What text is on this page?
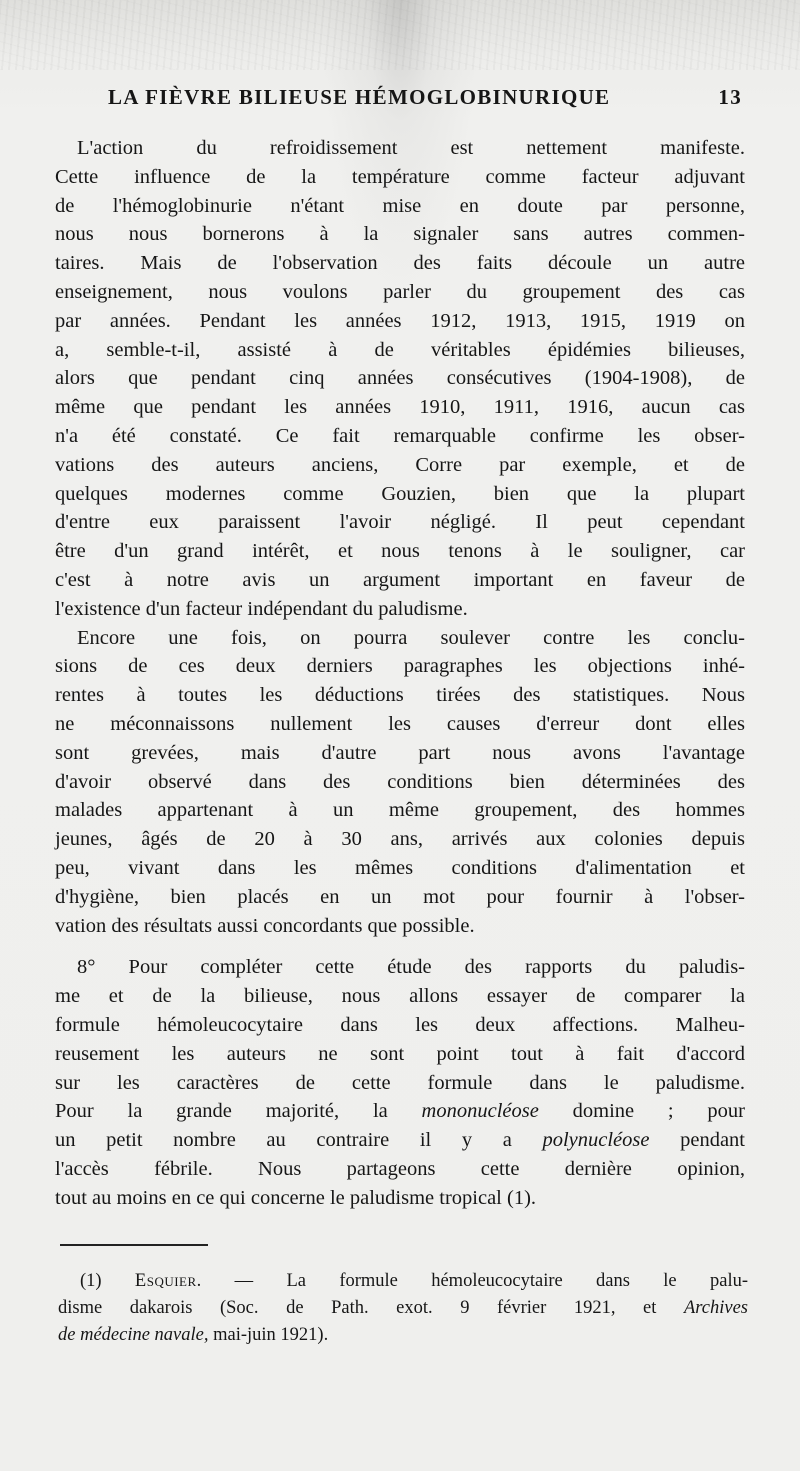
LA FIÈVRE BILIEUSE HÉMOGLOBINURIQUE	13
L'action du refroidissement est nettement manifeste.
Cette influence de la température comme facteur adjuvant
de l'hémoglobinurie n'étant mise en doute par personne,
nous nous bornerons à la signaler sans autres commen-
taires. Mais de l'observation des faits découle un autre
enseignement, nous voulons parler du groupement des cas
par années. Pendant les années 1912, 1913, 1915, 1919 on
a, semble-t-il, assisté à de véritables épidémies bilieuses,
alors que pendant cinq années consécutives (1904-1908), de
même que pendant les années 1910, 1911, 1916, aucun cas
n'a été constaté. Ce fait remarquable confirme les obser-
vations des auteurs anciens, Corre par exemple, et de
quelques modernes comme Gouzien, bien que la plupart
d'entre eux paraissent l'avoir négligé. Il peut cependant
être d'un grand intérêt, et nous tenons à le souligner, car
c'est à notre avis un argument important en faveur de
l'existence d'un facteur indépendant du paludisme.
Encore une fois, on pourra soulever contre les conclu-
sions de ces deux derniers paragraphes les objections inhé-
rentes à toutes les déductions tirées des statistiques. Nous
ne méconnaissons nullement les causes d'erreur dont elles
sont grevées, mais d'autre part nous avons l'avantage
d'avoir observé dans des conditions bien déterminées des
malades appartenant à un même groupement, des hommes
jeunes, âgés de 20 à 30 ans, arrivés aux colonies depuis
peu, vivant dans les mêmes conditions d'alimentation et
d'hygiène, bien placés en un mot pour fournir à l'obser-
vation des résultats aussi concordants que possible.
8° Pour compléter cette étude des rapports du paludis-
me et de la bilieuse, nous allons essayer de comparer la
formule hémoleucocytaire dans les deux affections. Malheu-
reusement les auteurs ne sont point tout à fait d'accord
sur les caractères de cette formule dans le paludisme.
Pour la grande majorité, la mononucléose domine ; pour
un petit nombre au contraire il y a polynucléose pendant
l'accès fébrile. Nous partageons cette dernière opinion,
tout au moins en ce qui concerne le paludisme tropical (1).
(1) Esquier. — La formule hémoleucocytaire dans le palu-
disme dakarois (Soc. de Path. exot. 9 février 1921, et Archives
de médecine navale, mai-juin 1921).
